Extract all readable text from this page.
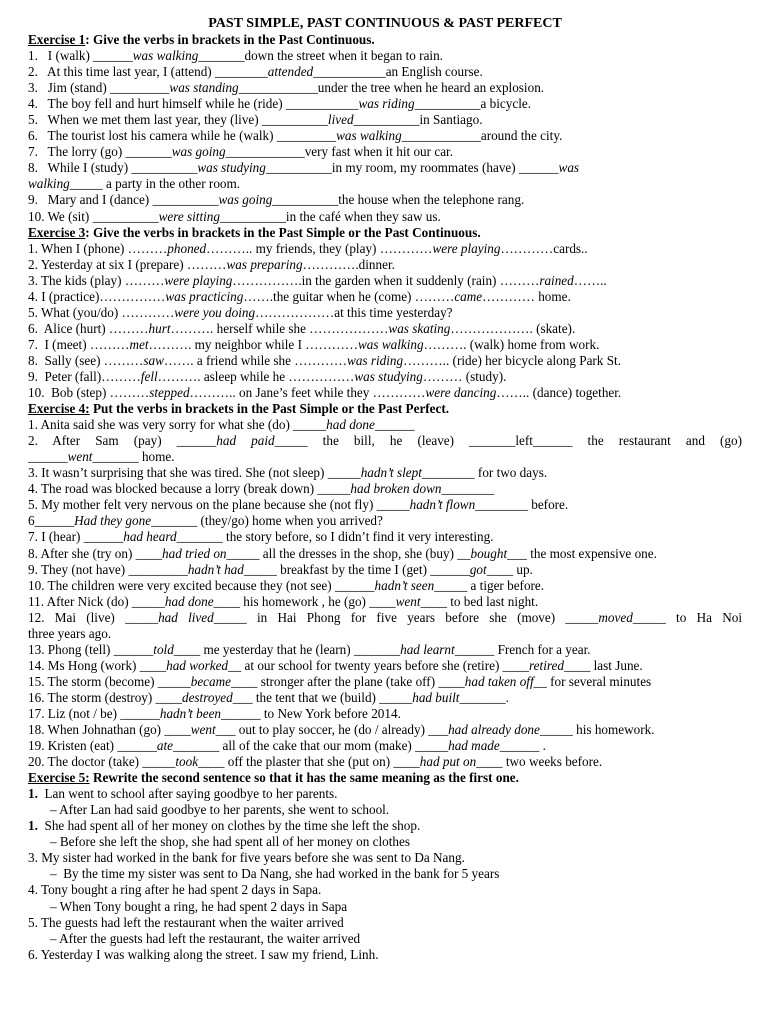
PAST SIMPLE, PAST CONTINUOUS & PAST PERFECT
Exercise 1: Give the verbs in brackets in the Past Continuous.
1.   I (walk) ______was walking_______down the street when it began to rain.
2.   At this time last year, I (attend) ________attended___________an English course.
3.   Jim (stand) _________was standing____________under the tree when he heard an explosion.
4.   The boy fell and hurt himself while he (ride) ___________was riding__________a bicycle.
5.   When we met them last year, they (live) __________lived__________in Santiago.
6.   The tourist lost his camera while he (walk) _________was walking____________around the city.
7.   The lorry (go) _______was going____________very fast when it hit our car.
8.   While I (study) __________was studying__________in my room, my roommates (have) ______was
walking_____ a party in the other room.
9.   Mary and I (dance) __________was going__________the house when the telephone rang.
10. We (sit) __________were sitting__________in the café when they saw us.
Exercise 3: Give the verbs in brackets in the Past Simple or the Past Continuous.
1. When I (phone) ………phoned……….. my friends, they (play) …………were playing…………cards..
2. Yesterday at six I (prepare) ………was preparing………….dinner.
3. The kids (play) ………were playing…………….in the garden when it suddenly (rain) ………rained……..
4. I (practice)……………was practicing…….the guitar when he (come) ………came………… home.
5. What (you/do) …………were you doing………………at this time yesterday?
6.  Alice (hurt) ………hurt………. herself while she ………………was skating………………. (skate).
7.  I (meet) ………met………. my neighbor while I …………was walking………. (walk) home from work.
8.  Sally (see) ………saw……. a friend while she …………was riding……….. (ride) her bicycle along Park St.
9.  Peter (fall)………fell………. asleep while he ……………was studying……… (study).
10.  Bob (step) ………stepped……….. on Jane’s feet while they …………were dancing…….. (dance) together.
Exercise 4: Put the verbs in brackets in the Past Simple or the Past Perfect.
1. Anita said she was very sorry for what she (do) _____had done______
2.  After  Sam  (pay)  ______had  paid_____  the  bill,  he  (leave)  _______left______  the  restaurant  and  (go)
______went_______ home.
3. It wasn’t surprising that she was tired. She (not sleep) _____hadn’t slept________ for two days.
4. The road was blocked because a lorry (break down) _____had broken down________
5. My mother felt very nervous on the plane because she (not fly) _____hadn’t flown________ before.
6______Had they gone_______ (they/go) home when you arrived?
7. I (hear) ______had heard_______ the story before, so I didn’t find it very interesting.
8. After she (try on) ____had tried on_____ all the dresses in the shop, she (buy) __bought___ the most expensive one.
9. They (not have) _________hadn’t had_____ breakfast by the time I (get) ______got____ up.
10. The children were very excited because they (not see) ______hadn’t seen_____ a tiger before.
11. After Nick (do) _____had done____ his homework , he (go) ____went____ to bed last night.
12.  Mai  (live)  _____had  lived_____  in  Hai  Phong  for  five  years  before  she  (move)  _____moved_____  to  Ha  Noi
three years ago.
13. Phong (tell) ______told____ me yesterday that he (learn) _______had learnt______ French for a year.
14. Ms Hong (work) ____had worked__ at our school for twenty years before she (retire) ____retired____ last June.
15. The storm (become) _____became____ stronger after the plane (take off) ____had taken off__ for several minutes
16. The storm (destroy) ____destroyed___ the tent that we (build) _____had built_______.
17. Liz (not / be) ______hadn’t been______ to New York before 2014.
18. When Johnathan (go) ____went___ out to play soccer, he (do / already) ___had already done_____ his homework.
19. Kristen (eat) ______ate_______ all of the cake that our mom (make) _____had made______ .
20. The doctor (take) _____took____ off the plaster that she (put on) ____had put on____ two weeks before.
Exercise 5: Rewrite the second sentence so that it has the same meaning as the first one.
1.  Lan went to school after saying goodbye to her parents.
– After Lan had said goodbye to her parents, she went to school.
1.  She had spent all of her money on clothes by the time she left the shop.
– Before she left the shop, she had spent all of her money on clothes
3. My sister had worked in the bank for five years before she was sent to Da Nang.
–  By the time my sister was sent to Da Nang, she had worked in the bank for 5 years
4. Tony bought a ring after he had spent 2 days in Sapa.
– When Tony bought a ring, he had spent 2 days in Sapa
5. The guests had left the restaurant when the waiter arrived
– After the guests had left the restaurant, the waiter arrived
6. Yesterday I was walking along the street. I saw my friend, Linh.
